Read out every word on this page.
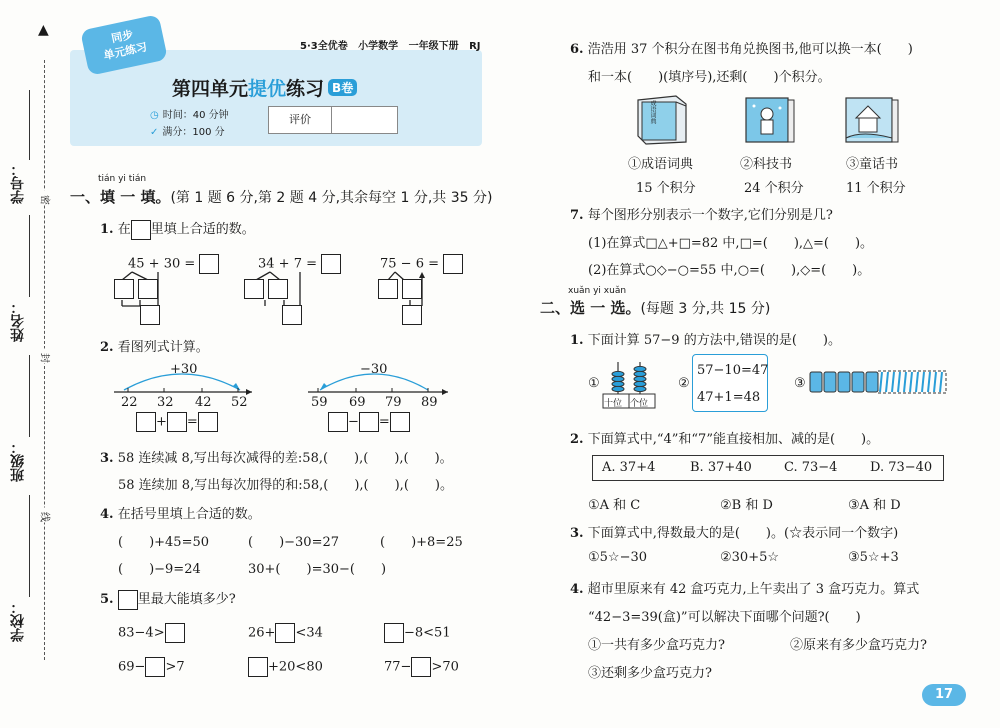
▲
学号：
姓名：
班级：
学校：
密
封
线
同步
单元练习	5·3全优卷 小学数学 一年级下册 RJ
第四单元提优练习 B卷
◷ 时间：40 分钟
✓ 满分：100 分
评价
tián yi tián
一、填 一 填。(第 1 题 6 分,第 2 题 4 分,其余每空 1 分,共 35 分)
1. 在 里填上合适的数。
45 + 30 =	34 + 7 =	75 − 6 =
2. 看图列式计算。
+30	−30
22 32 42 52	59 69 79 89
+ =	− =
3. 58 连续减 8,写出每次减得的差:58,(　　),(　　),(　　)。
58 连续加 8,写出每次加得的和:58,(　　),(　　),(　　)。
4. 在括号里填上合适的数。
(　　)+45=50	(　　)−30=27	(　　)+8=25
(　　)−9=24	30+(　　)=30−(　　)
5. 里最大能填多少?
83−4>	26+ <34	−8<51
69− >7	+20<80	77− >70
6. 浩浩用 37 个积分在图书角兑换图书,他可以换一本(　　)
和一本(　　)(填序号),还剩(　　)个积分。
成语词典
①成语词典	②科技书	③童话书
15 个积分	24 个积分	11 个积分
7. 每个图形分别表示一个数字,它们分别是几?
(1)在算式□△+□=82 中,□=(　　),△=(　　)。
(2)在算式○◇−○=55 中,○=(　　),◇=(　　)。
xuǎn yi xuǎn
二、选 一 选。(每题 3 分,共 15 分)
1. 下面计算 57−9 的方法中,错误的是(　　)。
①
十位 个位
②
57−10=47
47+1=48
③
2. 下面算式中,“4”和“7”能直接相加、减的是(　　)。
A. 37+4	B. 37+40 C. 73−4	D. 73−40
①A 和 C	②B 和 D	③A 和 D
3. 下面算式中,得数最大的是(　　)。(☆表示同一个数字)
①5☆−30	②30+5☆	③5☆+3
4. 超市里原来有 42 盒巧克力,上午卖出了 3 盒巧克力。算式
“42−3=39(盒)”可以解决下面哪个问题?(　　)
①一共有多少盒巧克力?	②原来有多少盒巧克力?
③还剩多少盒巧克力?
17
